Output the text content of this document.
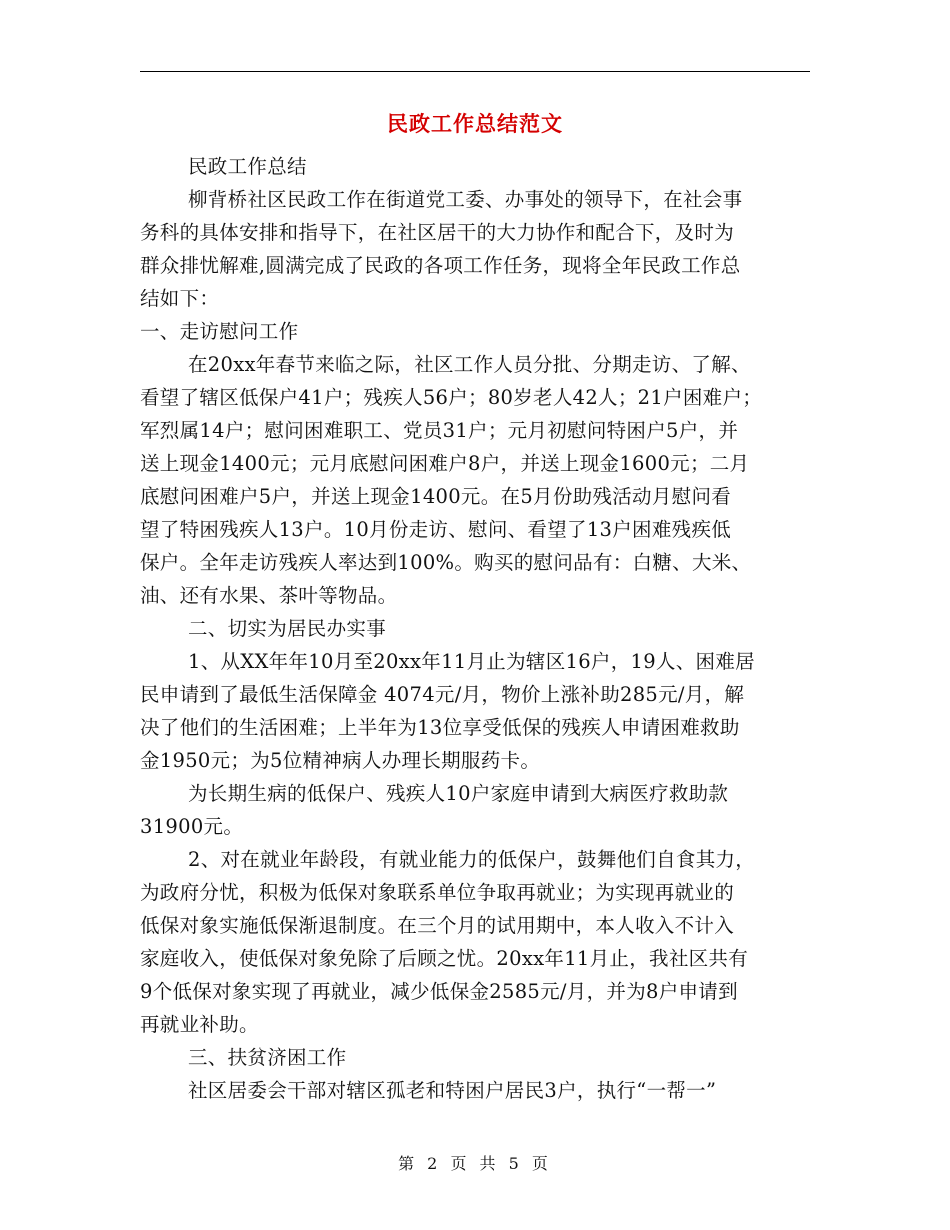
民政工作总结范文
民政工作总结
柳背桥社区民政工作在街道党工委、办事处的领导下，在社会事
务科的具体安排和指导下，在社区居干的大力协作和配合下，及时为
群众排忧解难,圆满完成了民政的各项工作任务，现将全年民政工作总
结如下：
一、走访慰问工作
在20xx年春节来临之际，社区工作人员分批、分期走访、了解、
看望了辖区低保户41户；残疾人56户；80岁老人42人；21户困难户；
军烈属14户；慰问困难职工、党员31户；元月初慰问特困户5户，并
送上现金1400元；元月底慰问困难户8户，并送上现金1600元；二月
底慰问困难户5户，并送上现金1400元。在5月份助残活动月慰问看
望了特困残疾人13户。10月份走访、慰问、看望了13户困难残疾低
保户。全年走访残疾人率达到100%。购买的慰问品有：白糖、大米、
油、还有水果、茶叶等物品。
二、切实为居民办实事
1、从XX年年10月至20xx年11月止为辖区16户，19人、困难居
民申请到了最低生活保障金 4074元/月，物价上涨补助285元/月，解
决了他们的生活困难；上半年为13位享受低保的残疾人申请困难救助
金1950元；为5位精神病人办理长期服药卡。
为长期生病的低保户、残疾人10户家庭申请到大病医疗救助款
31900元。
2、对在就业年龄段，有就业能力的低保户，鼓舞他们自食其力，
为政府分忧，积极为低保对象联系单位争取再就业；为实现再就业的
低保对象实施低保渐退制度。在三个月的试用期中，本人收入不计入
家庭收入，使低保对象免除了后顾之忧。20xx年11月止，我社区共有
9个低保对象实现了再就业，减少低保金2585元/月，并为8户申请到
再就业补助。
三、扶贫济困工作
社区居委会干部对辖区孤老和特困户居民3户，执行“一帮一”
第 2 页 共 5 页
